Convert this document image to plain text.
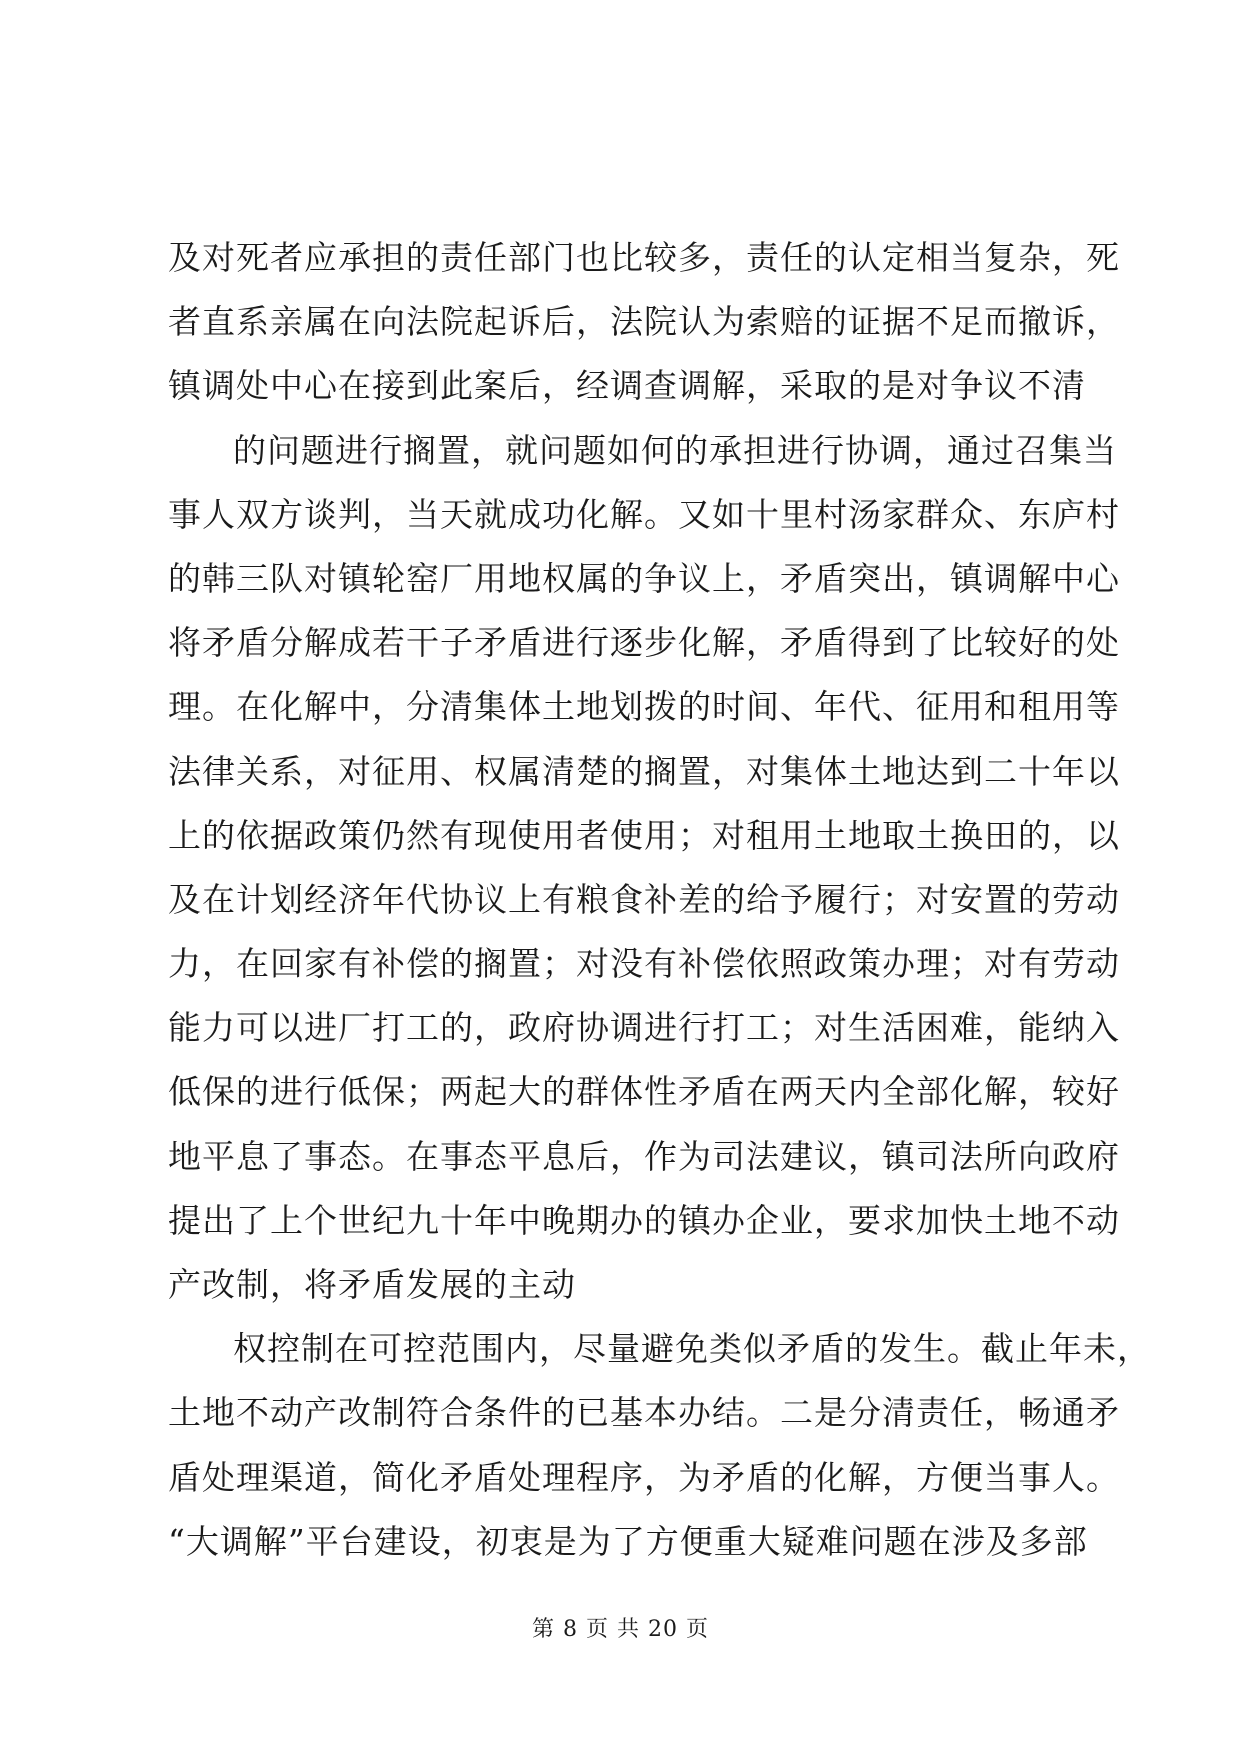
及对死者应承担的责任部门也比较多，责任的认定相当复杂，死
者直系亲属在向法院起诉后，法院认为索赔的证据不足而撤诉，
镇调处中心在接到此案后，经调查调解，采取的是对争议不清
的问题进行搁置，就问题如何的承担进行协调，通过召集当
事人双方谈判，当天就成功化解。又如十里村汤家群众、东庐村
的韩三队对镇轮窑厂用地权属的争议上，矛盾突出，镇调解中心
将矛盾分解成若干子矛盾进行逐步化解，矛盾得到了比较好的处
理。在化解中，分清集体土地划拨的时间、年代、征用和租用等
法律关系，对征用、权属清楚的搁置，对集体土地达到二十年以
上的依据政策仍然有现使用者使用；对租用土地取土换田的，以
及在计划经济年代协议上有粮食补差的给予履行；对安置的劳动
力，在回家有补偿的搁置；对没有补偿依照政策办理；对有劳动
能力可以进厂打工的，政府协调进行打工；对生活困难，能纳入
低保的进行低保；两起大的群体性矛盾在两天内全部化解，较好
地平息了事态。在事态平息后，作为司法建议，镇司法所向政府
提出了上个世纪九十年中晚期办的镇办企业，要求加快土地不动
产改制，将矛盾发展的主动
权控制在可控范围内，尽量避免类似矛盾的发生。截止年未，
土地不动产改制符合条件的已基本办结。二是分清责任，畅通矛
盾处理渠道，简化矛盾处理程序，为矛盾的化解，方便当事人。
“大调解”平台建设，初衷是为了方便重大疑难问题在涉及多部
第 8 页 共 20 页
